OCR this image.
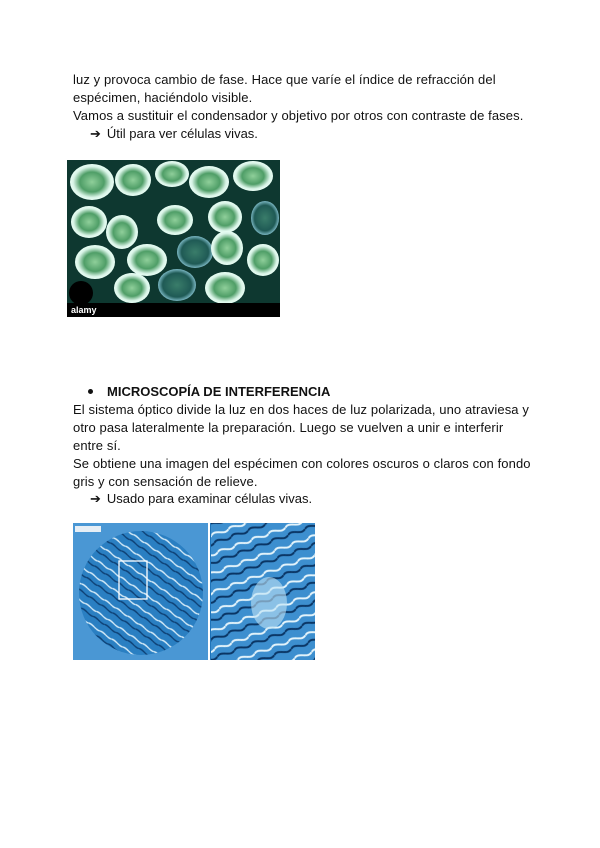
luz y provoca cambio de fase. Hace que varíe el índice de refracción del

espécimen, haciéndolo visible.

Vamos a sustituir el condensador y objetivo por otros con contraste de fases.

➔ Útil para ver células vivas.
alamy
MICROSCOPÍA DE INTERFERENCIA

El sistema óptico divide la luz en dos haces de luz polarizada, uno atraviesa y

otro pasa lateralmente la preparación. Luego se vuelven a unir e interferir

entre sí.

Se obtiene una imagen del espécimen con colores oscuros o claros con fondo

gris y con sensación de relieve.

➔ Usado para examinar células vivas.
